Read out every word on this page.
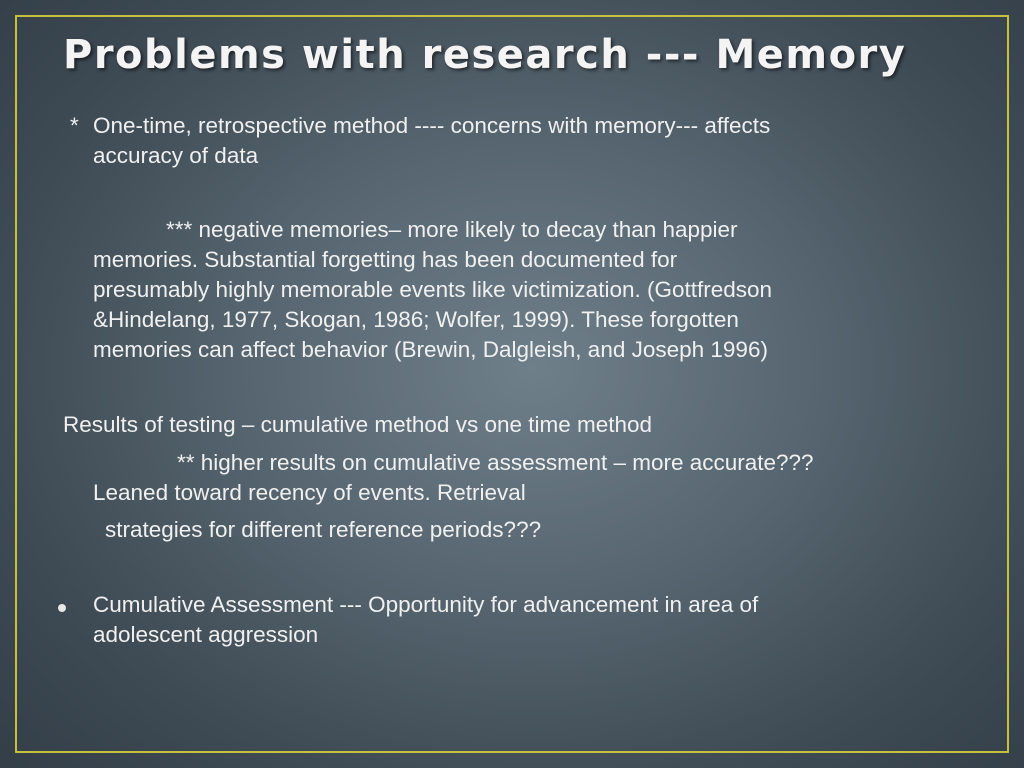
Problems with research --- Memory
* One-time, retrospective method ---- concerns with memory--- affects
accuracy of data

*** negative memories– more likely to decay than happier
memories. Substantial forgetting has been documented for
presumably highly memorable events like victimization. (Gottfredson
&Hindelang, 1977, Skogan, 1986; Wolfer, 1999). These forgotten
memories can affect behavior (Brewin, Dalgleish, and Joseph 1996)

Results of testing – cumulative method vs one time method

** higher results on cumulative assessment – more accurate???
Leaned toward recency of events. Retrieval

strategies for different reference periods???

Cumulative Assessment --- Opportunity for advancement in area of
adolescent aggression
